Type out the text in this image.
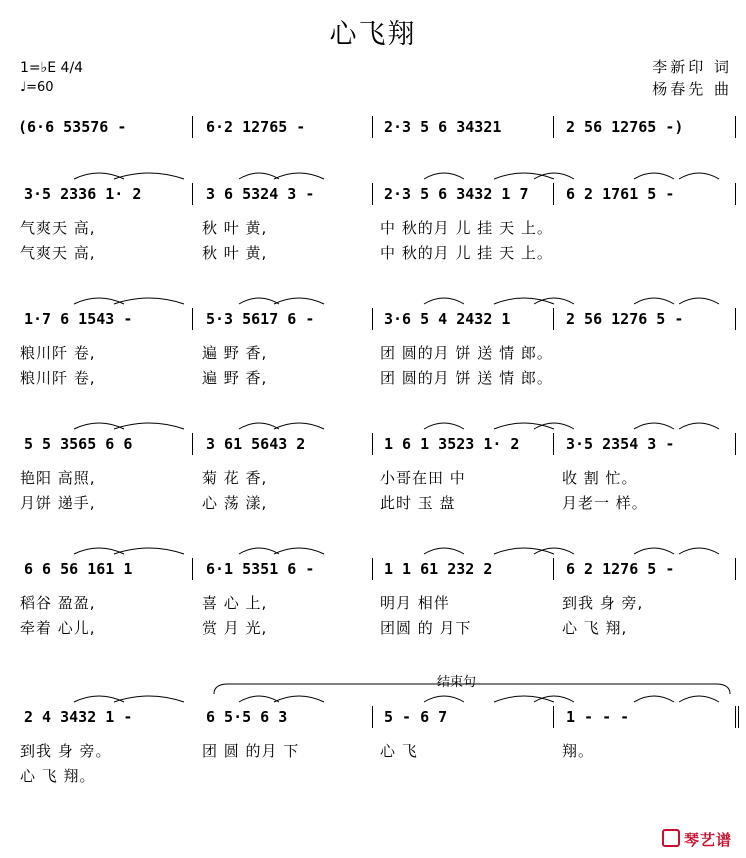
心飞翔
1=♭E 4/4
♩=60
李新印 词
杨春先 曲
(6·6 53576 -	6·2 12765 -	2·3 5 6 34321	2 56 12765 -)
3·5 2336 1· 2	3 6 5324 3 -	2·3 5 6 3432 1 7	6 2 1761 5 -
气爽天 高,	秋 叶 黄,	中 秋的月 儿 挂 天 上。
气爽天 高,	秋 叶 黄,	中 秋的月 儿 挂 天 上。
1·7 6 1543 -	5·3 5617 6 -	3·6 5 4 2432 1	2 56 1276 5 -
粮川阡 卷,	遍 野 香,	团 圆的月 饼 送 情 郎。
粮川阡 卷,	遍 野 香,	团 圆的月 饼 送 情 郎。
5 5 3565 6 6	3 61 5643 2	1 6 1 3523 1· 2	3·5 2354 3 -
艳阳 高照,	菊 花 香,	小哥在田 中	收 割 忙。
月饼 递手,	心 荡 漾,	此时 玉 盘	月老一 样。
6 6 56 161 1	6·1 5351 6 -	1 1 61 232 2	6 2 1276 5 -
稻谷 盈盈,	喜 心 上,	明月 相伴	到我 身 旁,
牵着 心儿,	赏 月 光,	团圆 的 月下	心 飞 翔,
2 4 3432 1 -	6 5·5 6 3	5 - 6 7	1 - - -
到我 身 旁。	团 圆 的月 下	心 飞	翔。
心 飞 翔。
结束句
琴艺谱
